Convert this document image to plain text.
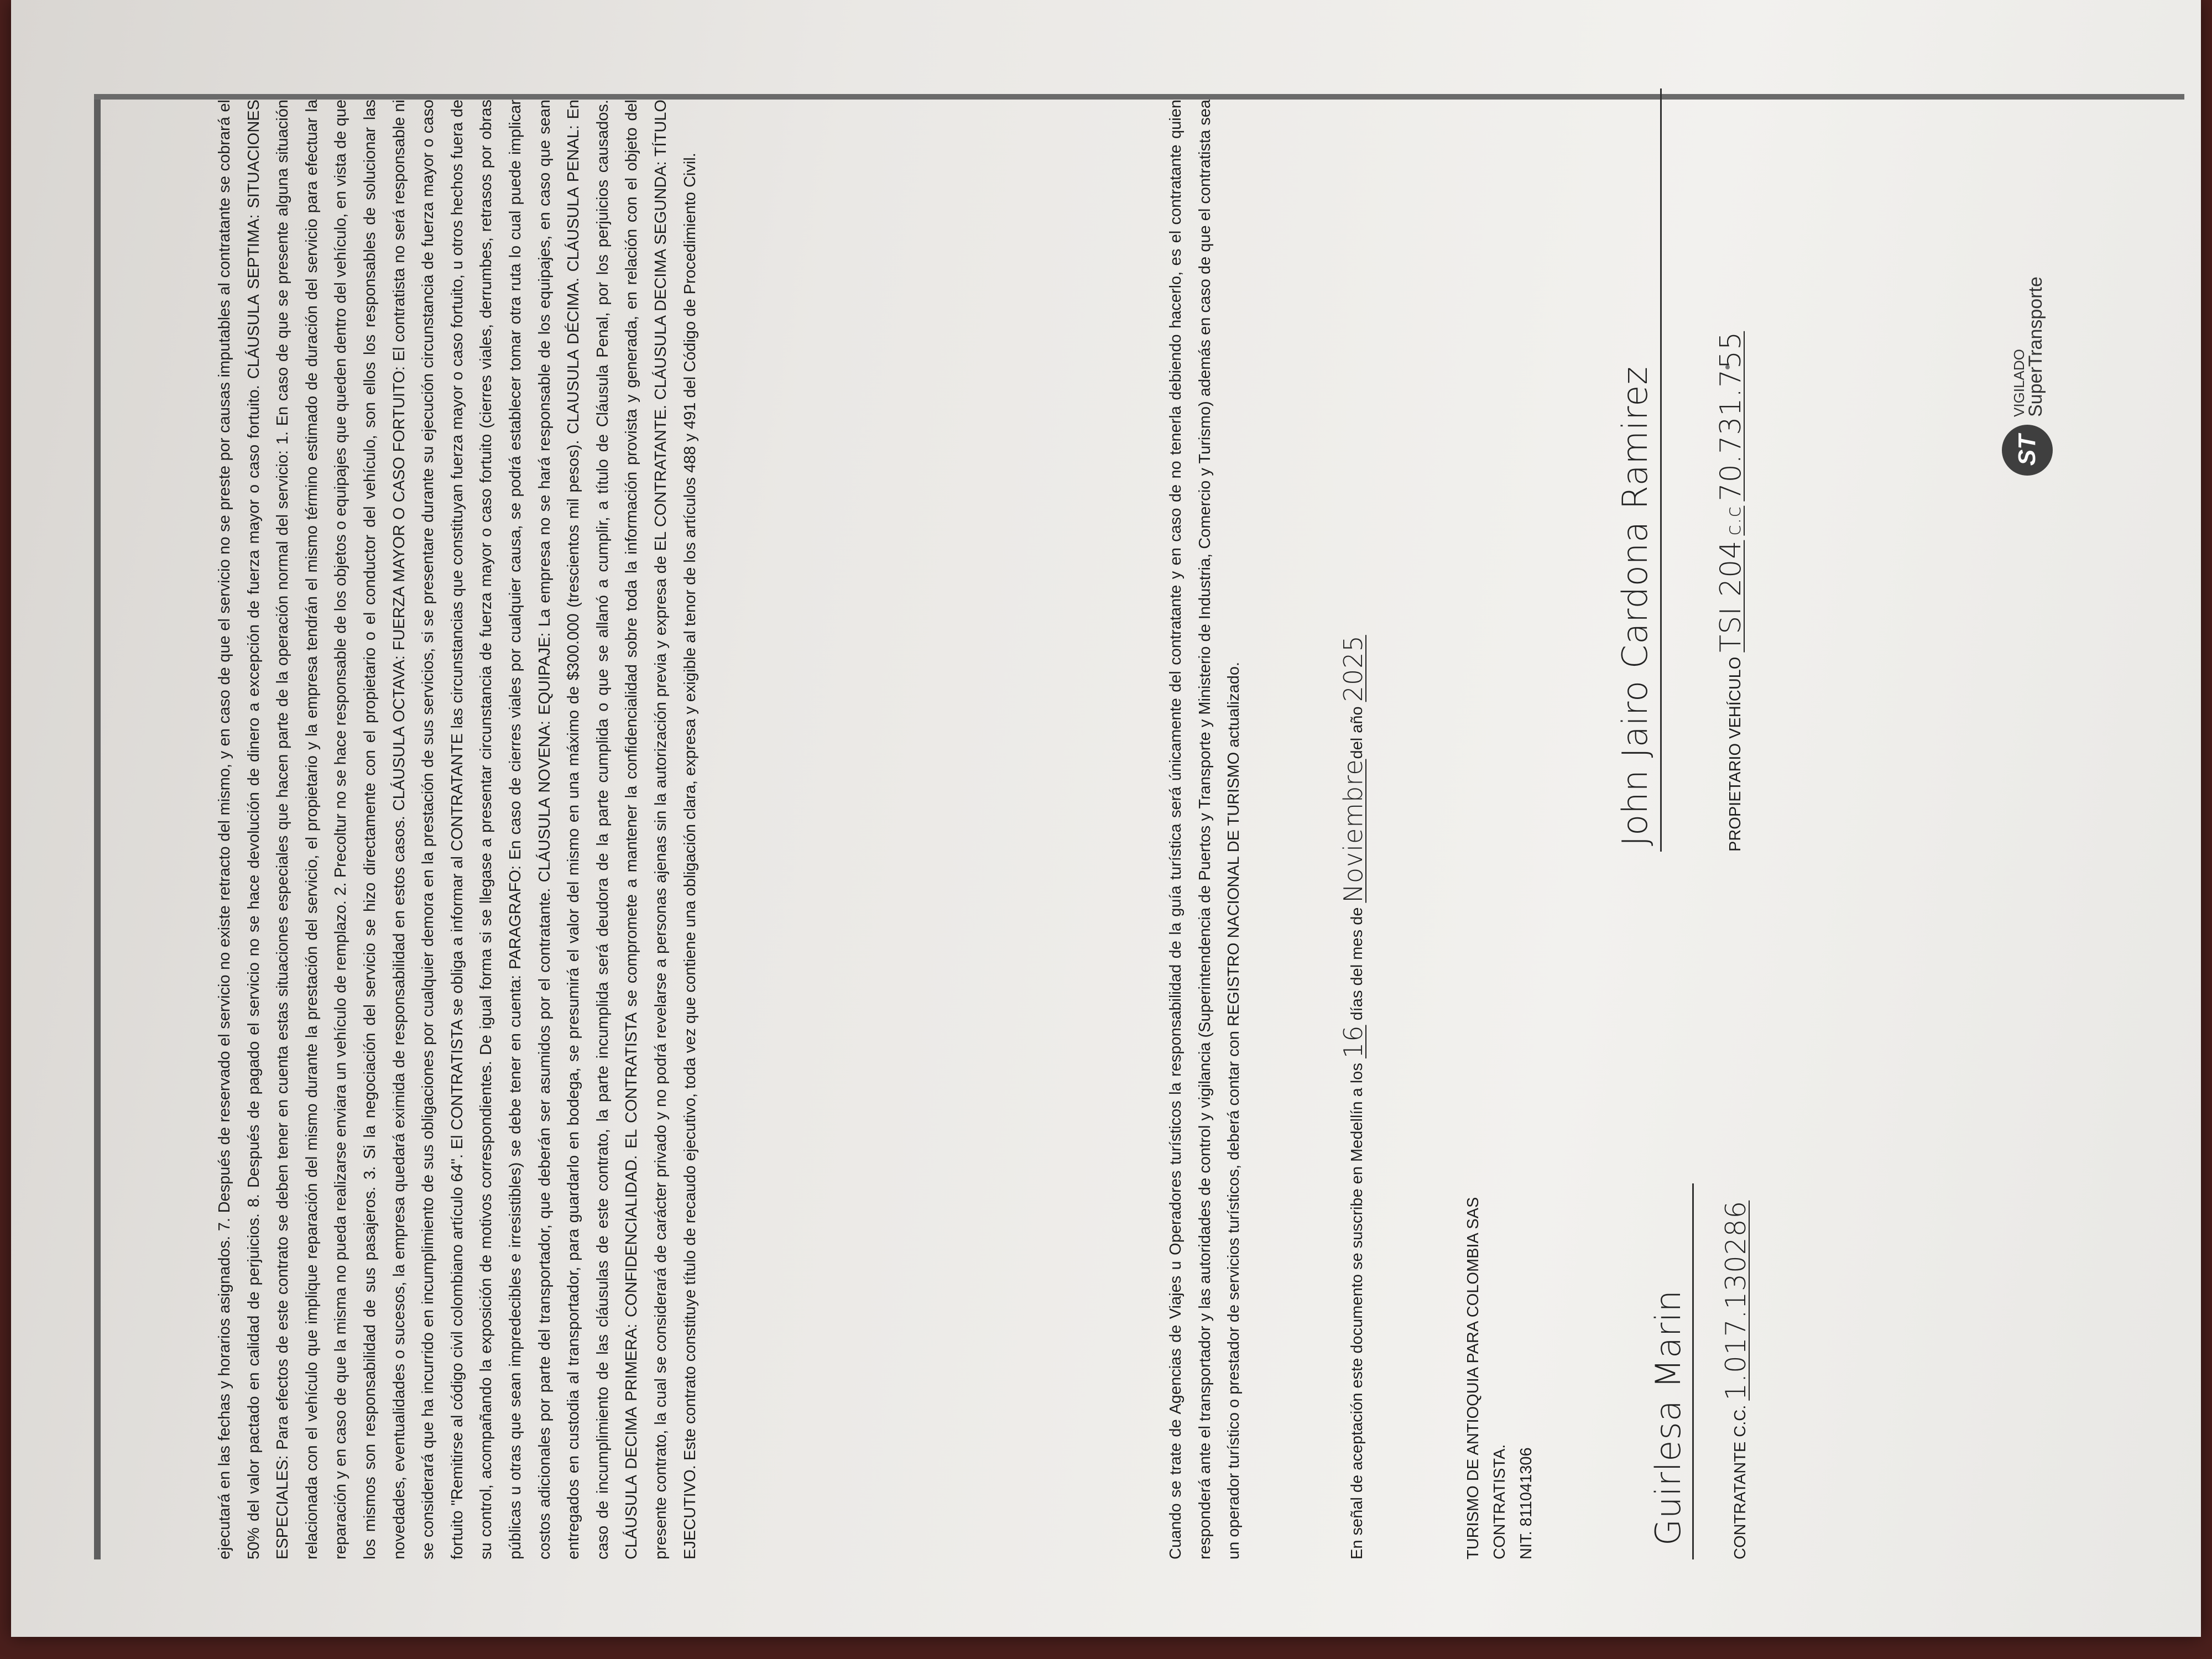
ejecutará en las fechas y horarios asignados. 7. Después de reservado el servicio no existe retracto del mismo, y en caso de que el servicio no se preste por causas imputables al contratante se cobrará el 50% del valor pactado en calidad de perjuicios. 8. Después de pagado el servicio no se hace devolución de dinero a excepción de fuerza mayor o caso fortuito. CLÁUSULA SEPTIMA: SITUACIONES ESPECIALES: Para efectos de este contrato se deben tener en cuenta estas situaciones especiales que hacen parte de la operación normal del servicio: 1. En caso de que se presente alguna situación relacionada con el vehículo que implique reparación del mismo durante la prestación del servicio, el propietario y la empresa tendrán el mismo término estimado de duración del servicio para efectuar la reparación y en caso de que la misma no pueda realizarse enviara un vehículo de remplazo. 2. Precoltur no se hace responsable de los objetos o equipajes que queden dentro del vehículo, en vista de que los mismos son responsabilidad de sus pasajeros. 3. Si la negociación del servicio se hizo directamente con el propietario o el conductor del vehículo, son ellos los responsables de solucionar las novedades, eventualidades o sucesos, la empresa quedará eximida de responsabilidad en estos casos. CLÁUSULA OCTAVA: FUERZA MAYOR O CASO FORTUITO: El contratista no será responsable ni se considerará que ha incurrido en incumplimiento de sus obligaciones por cualquier demora en la prestación de sus servicios, si se presentare durante su ejecución circunstancia de fuerza mayor o caso fortuito "Remitirse al código civil colombiano artículo 64". El CONTRATISTA se obliga a informar al CONTRATANTE las circunstancias que constituyan fuerza mayor o caso fortuito, u otros hechos fuera de su control, acompañando la exposición de motivos correspondientes. De igual forma si se llegase a presentar circunstancia de fuerza mayor o caso fortuito (cierres viales, derrumbes, retrasos por obras públicas u otras que sean impredecibles e irresistibles) se debe tener en cuenta: PARAGRAFO: En caso de cierres viales por cualquier causa, se podrá establecer tomar otra ruta lo cual puede implicar costos adicionales por parte del transportador, que deberán ser asumidos por el contratante. CLÁUSULA NOVENA: EQUIPAJE: La empresa no se hará responsable de los equipajes, en caso que sean entregados en custodia al transportador, para guardarlo en bodega, se presumirá el valor del mismo en una máximo de $300.000 (trescientos mil pesos). CLAUSULA DÉCIMA. CLÁUSULA PENAL: En caso de incumplimiento de las cláusulas de este contrato, la parte incumplida será deudora de la parte cumplida o que se allanó a cumplir, a título de Cláusula Penal, por los perjuicios causados. CLÁUSULA DECIMA PRIMERA: CONFIDENCIALIDAD. EL CONTRATISTA se compromete a mantener la confidencialidad sobre toda la información provista y generada, en relación con el objeto del presente contrato, la cual se considerará de carácter privado y no podrá revelarse a personas ajenas sin la autorización previa y expresa de EL CONTRATANTE. CLÁUSULA DECIMA SEGUNDA: TÍTULO EJECUTIVO. Este contrato constituye título de recaudo ejecutivo, toda vez que contiene una obligación clara, expresa y exigible al tenor de los artículos 488 y 491 del Código de Procedimiento Civil.	Cuando se trate de Agencias de Viajes u Operadores turísticos la responsabilidad de la guía turística será únicamente del contratante y en caso de no tenerla debiendo hacerlo, es el contratante quien responderá ante el transportador y las autoridades de control y vigilancia (Superintendencia de Puertos y Transporte y Ministerio de Industria, Comercio y Turismo) además en caso de que el contratista sea un operador turístico o prestador de servicios turísticos, deberá contar con REGISTRO NACIONAL DE TURISMO actualizado.	En señal de aceptación este documento se suscribe en Medellín a los 16 días del mes de Noviembredel año 2025
TURISMO DE ANTIOQUIA PARA COLOMBIA SAS CONTRATISTA. NIT. 811041306	Guirlesa Marin	CONTRATANTE C.C. 1.017.130286
John Jairo Cardona Ramirez	PROPIETARIO VEHÍCULO TSI 204 c.c 70.731.755	ST
VIGILADO
SuperTransporte
